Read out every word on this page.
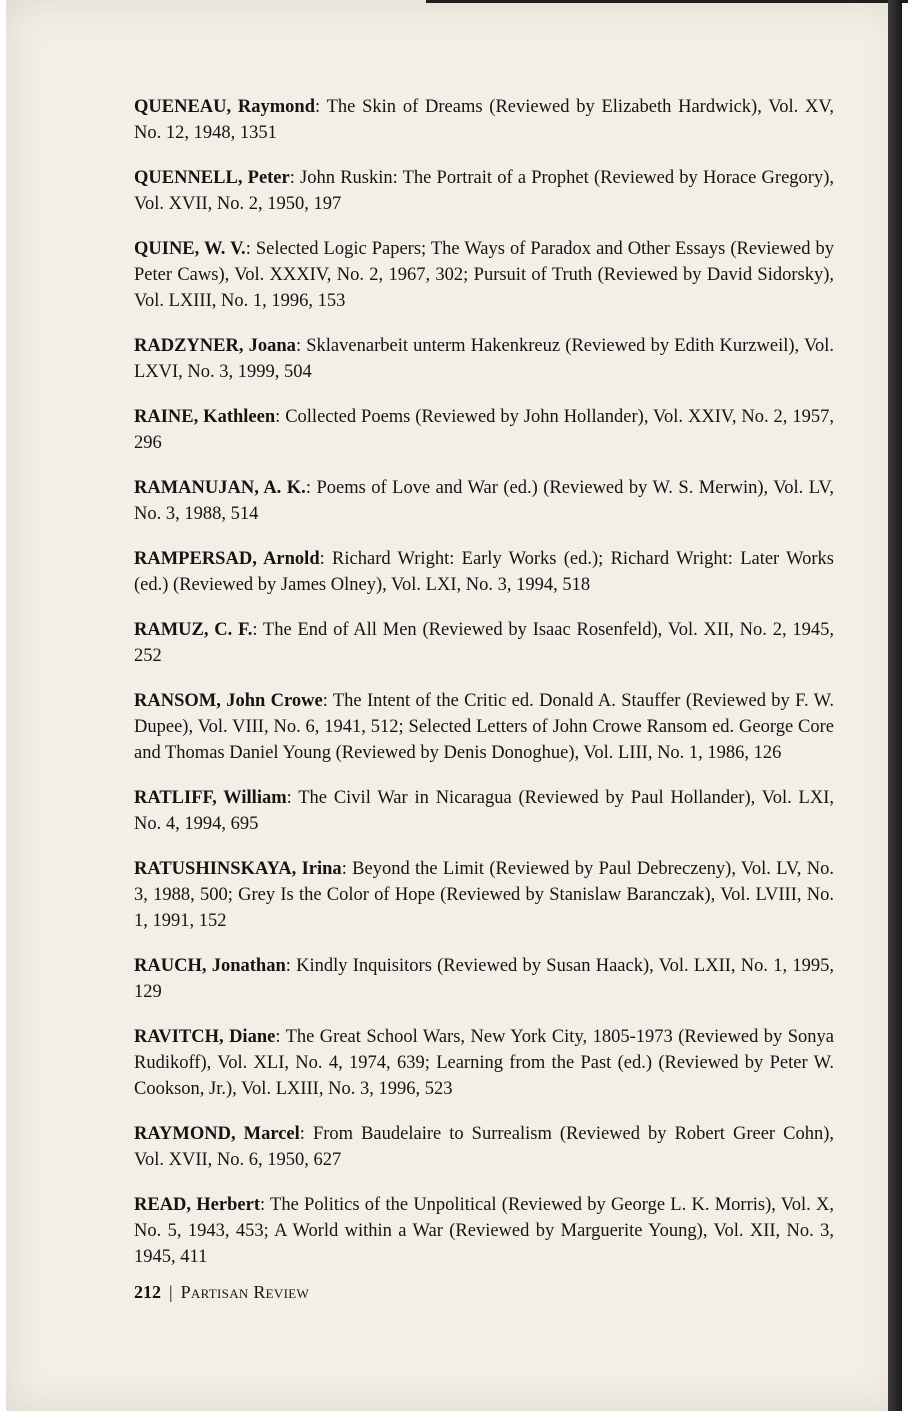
QUENEAU, Raymond: The Skin of Dreams (Reviewed by Elizabeth Hardwick), Vol. XV, No. 12, 1948, 1351

QUENNELL, Peter: John Ruskin: The Portrait of a Prophet (Reviewed by Horace Gregory), Vol. XVII, No. 2, 1950, 197

QUINE, W. V.: Selected Logic Papers; The Ways of Paradox and Other Essays (Reviewed by Peter Caws), Vol. XXXIV, No. 2, 1967, 302; Pursuit of Truth (Reviewed by David Sidorsky), Vol. LXIII, No. 1, 1996, 153

RADZYNER, Joana: Sklavenarbeit unterm Hakenkreuz (Reviewed by Edith Kurzweil), Vol. LXVI, No. 3, 1999, 504

RAINE, Kathleen: Collected Poems (Reviewed by John Hollander), Vol. XXIV, No. 2, 1957, 296

RAMANUJAN, A. K.: Poems of Love and War (ed.) (Reviewed by W. S. Merwin), Vol. LV, No. 3, 1988, 514

RAMPERSAD, Arnold: Richard Wright: Early Works (ed.); Richard Wright: Later Works (ed.) (Reviewed by James Olney), Vol. LXI, No. 3, 1994, 518

RAMUZ, C. F.: The End of All Men (Reviewed by Isaac Rosenfeld), Vol. XII, No. 2, 1945, 252

RANSOM, John Crowe: The Intent of the Critic ed. Donald A. Stauffer (Reviewed by F. W. Dupee), Vol. VIII, No. 6, 1941, 512; Selected Letters of John Crowe Ransom ed. George Core and Thomas Daniel Young (Reviewed by Denis Donoghue), Vol. LIII, No. 1, 1986, 126

RATLIFF, William: The Civil War in Nicaragua (Reviewed by Paul Hollander), Vol. LXI, No. 4, 1994, 695

RATUSHINSKAYA, Irina: Beyond the Limit (Reviewed by Paul Debreczeny), Vol. LV, No. 3, 1988, 500; Grey Is the Color of Hope (Reviewed by Stanislaw Baranczak), Vol. LVIII, No. 1, 1991, 152

RAUCH, Jonathan: Kindly Inquisitors (Reviewed by Susan Haack), Vol. LXII, No. 1, 1995, 129

RAVITCH, Diane: The Great School Wars, New York City, 1805-1973 (Reviewed by Sonya Rudikoff), Vol. XLI, No. 4, 1974, 639; Learning from the Past (ed.) (Reviewed by Peter W. Cookson, Jr.), Vol. LXIII, No. 3, 1996, 523

RAYMOND, Marcel: From Baudelaire to Surrealism (Reviewed by Robert Greer Cohn), Vol. XVII, No. 6, 1950, 627

READ, Herbert: The Politics of the Unpolitical (Reviewed by George L. K. Morris), Vol. X, No. 5, 1943, 453; A World within a War (Reviewed by Marguerite Young), Vol. XII, No. 3, 1945, 411

212 | Partisan Review
